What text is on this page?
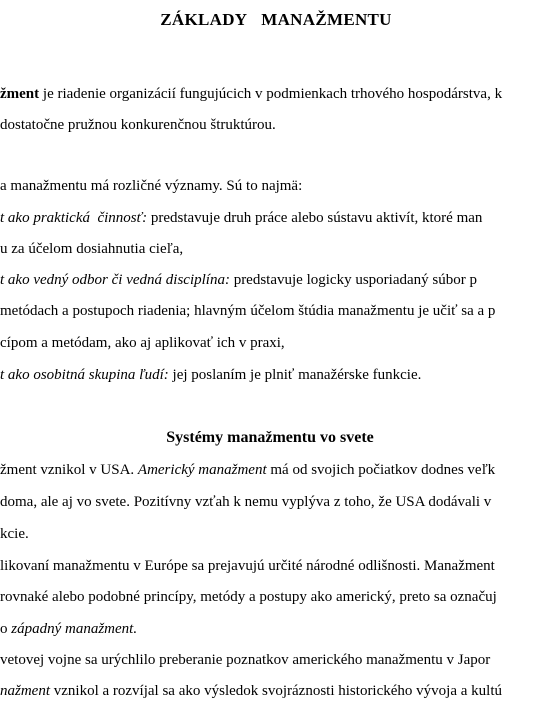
ZÁKLADY MANAŽMENTU
žment je riadenie organizácií fungujúcich v podmienkach trhového hospodárstva, k
dostatočne pružnou konkurenčnou štruktúrou.
a manažmentu má rozličné významy. Sú to najmä:
t ako praktická  činnosť: predstavuje druh práce alebo sústavu aktivít, ktoré man
u za účelom dosiahnutia cieľa,
t ako vedný odbor či vedná disciplína: predstavuje logicky usporiadaný súbor p
metódach a postupoch riadenia; hlavným účelom štúdia manažmentu je učiť sa a p
cípom a metódam, ako aj aplikovať ich v praxi,
t ako osobitná skupina ľudí: jej poslaním je plniť manažérske funkcie.
Systémy manažmentu vo svete
žment vznikol v USA. Americký manažment má od svojich počiatkov dodnes veľk
doma, ale aj vo svete. Pozitívny vzťah k nemu vyplýva z toho, že USA dodávali v
kcie.
likovaní manažmentu v Európe sa prejavujú určité národné odlišnosti. Manažment
rovnaké alebo podobné princípy, metódy a postupy ako americký, preto sa označuj
o západný manažment.
vetovej vojne sa urýchlilo preberanie poznatkov amerického manažmentu v Japor
nažment vznikol a rozvíjal sa ako výsledok svojráznosti historického vývoja a kultú
